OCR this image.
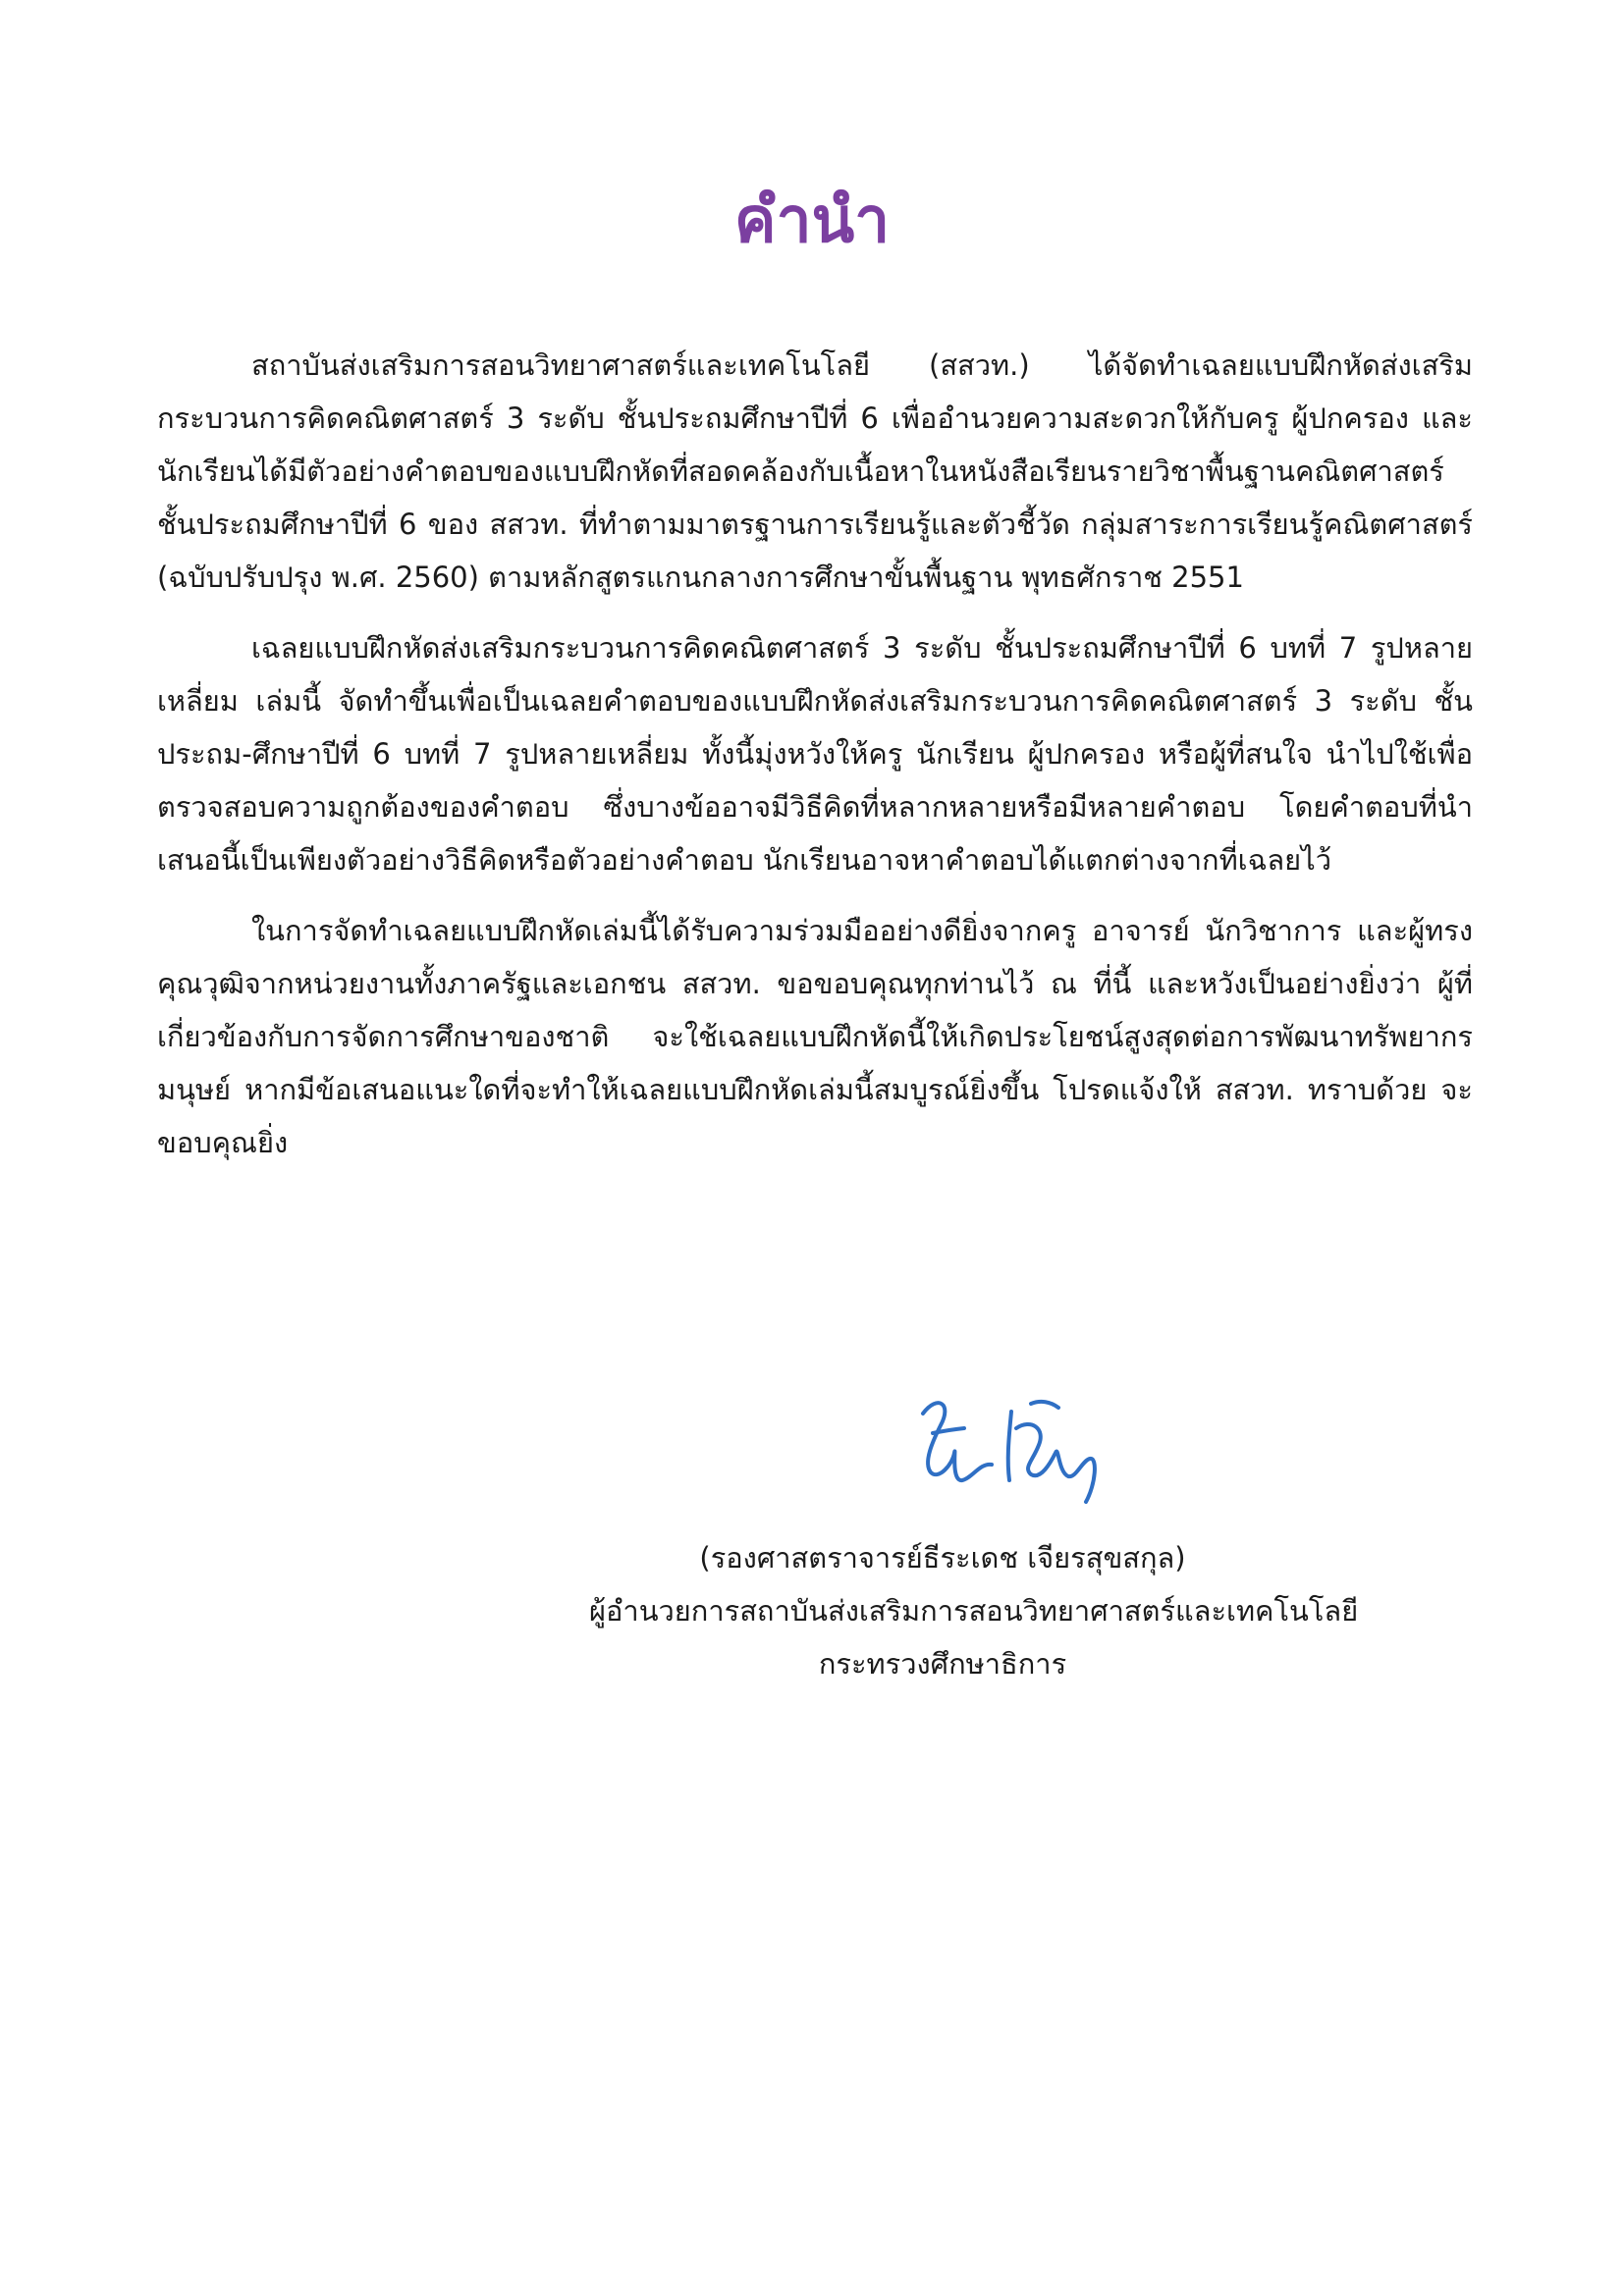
คำนำ

สถาบันส่งเสริมการสอนวิทยาศาสตร์และเทคโนโลยี (สสวท.) ได้จัดทำเฉลยแบบฝึกหัดส่งเสริมกระบวนการคิดคณิตศาสตร์ 3 ระดับ ชั้นประถมศึกษาปีที่ 6 เพื่ออำนวยความสะดวกให้กับครู ผู้ปกครอง และนักเรียนได้มีตัวอย่างคำตอบของแบบฝึกหัดที่สอดคล้องกับเนื้อหาในหนังสือเรียนรายวิชาพื้นฐานคณิตศาสตร์ ชั้นประถมศึกษาปีที่ 6 ของ สสวท. ที่ทำตามมาตรฐานการเรียนรู้และตัวชี้วัด กลุ่มสาระการเรียนรู้คณิตศาสตร์ (ฉบับปรับปรุง พ.ศ. 2560) ตามหลักสูตรแกนกลางการศึกษาขั้นพื้นฐาน พุทธศักราช 2551

เฉลยแบบฝึกหัดส่งเสริมกระบวนการคิดคณิตศาสตร์ 3 ระดับ ชั้นประถมศึกษาปีที่ 6 บทที่ 7 รูปหลายเหลี่ยม เล่มนี้ จัดทำขึ้นเพื่อเป็นเฉลยคำตอบของแบบฝึกหัดส่งเสริมกระบวนการคิดคณิตศาสตร์ 3 ระดับ ชั้นประถม-ศึกษาปีที่ 6 บทที่ 7 รูปหลายเหลี่ยม ทั้งนี้มุ่งหวังให้ครู นักเรียน ผู้ปกครอง หรือผู้ที่สนใจ นำไปใช้เพื่อตรวจสอบความถูกต้องของคำตอบ ซึ่งบางข้ออาจมีวิธีคิดที่หลากหลายหรือมีหลายคำตอบ โดยคำตอบที่นำเสนอนี้เป็นเพียงตัวอย่างวิธีคิดหรือตัวอย่างคำตอบ นักเรียนอาจหาคำตอบได้แตกต่างจากที่เฉลยไว้

ในการจัดทำเฉลยแบบฝึกหัดเล่มนี้ได้รับความร่วมมืออย่างดียิ่งจากครู อาจารย์ นักวิชาการ และผู้ทรงคุณวุฒิจากหน่วยงานทั้งภาครัฐและเอกชน สสวท. ขอขอบคุณทุกท่านไว้ ณ ที่นี้ และหวังเป็นอย่างยิ่งว่า ผู้ที่เกี่ยวข้องกับการจัดการศึกษาของชาติ จะใช้เฉลยแบบฝึกหัดนี้ให้เกิดประโยชน์สูงสุดต่อการพัฒนาทรัพยากรมนุษย์ หากมีข้อเสนอแนะใดที่จะทำให้เฉลยแบบฝึกหัดเล่มนี้สมบูรณ์ยิ่งขึ้น โปรดแจ้งให้ สสวท. ทราบด้วย จะขอบคุณยิ่ง

(รองศาสตราจารย์ธีระเดช เจียรสุขสกุล)
ผู้อำนวยการสถาบันส่งเสริมการสอนวิทยาศาสตร์และเทคโนโลยี
กระทรวงศึกษาธิการ
